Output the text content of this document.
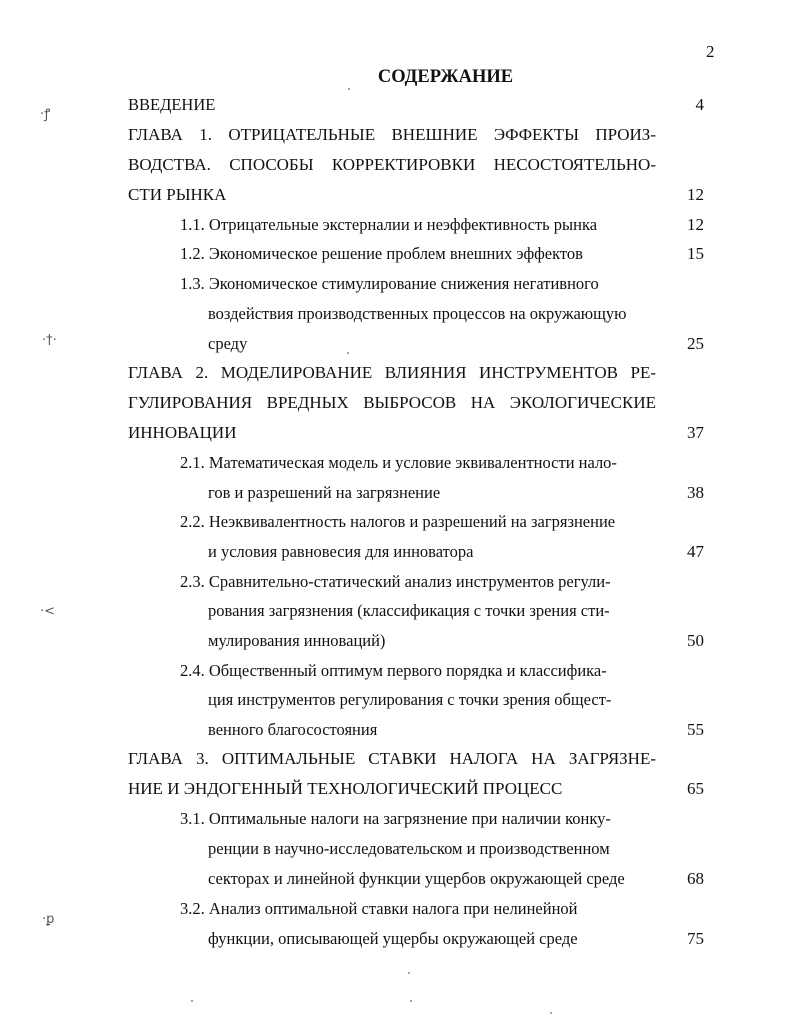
2
СОДЕРЖАНИЕ
·ꝭ
·†·
·<
·ꝑ
ВВЕДЕНИЕ	4
ГЛАВА 1. ОТРИЦАТЕЛЬНЫЕ ВНЕШНИЕ ЭФФЕКТЫ ПРОИЗ-
ВОДСТВА. СПОСОБЫ КОРРЕКТИРОВКИ НЕСОСТОЯТЕЛЬНО-
СТИ РЫНКА	12
1.1. Отрицательные экстерналии и неэффективность рынка	12
1.2. Экономическое решение проблем внешних эффектов	15
1.3. Экономическое стимулирование снижения негативного
воздействия производственных процессов на окружающую
среду	25
ГЛАВА 2. МОДЕЛИРОВАНИЕ ВЛИЯНИЯ ИНСТРУМЕНТОВ РЕ-
ГУЛИРОВАНИЯ ВРЕДНЫХ ВЫБРОСОВ НА ЭКОЛОГИЧЕСКИЕ
ИННОВАЦИИ	37
2.1. Математическая модель и условие эквивалентности нало-
гов и разрешений на загрязнение	38
2.2. Неэквивалентность налогов и разрешений на загрязнение
и условия равновесия для инноватора	47
2.3. Сравнительно-статический анализ инструментов регули-
рования загрязнения (классификация с точки зрения сти-
мулирования инноваций)	50
2.4. Общественный оптимум первого порядка и классифика-
ция инструментов регулирования с точки зрения общест-
венного благосостояния	55
ГЛАВА 3. ОПТИМАЛЬНЫЕ СТАВКИ НАЛОГА НА ЗАГРЯЗНЕ-
НИЕ И ЭНДОГЕННЫЙ ТЕХНОЛОГИЧЕСКИЙ ПРОЦЕСС	65
3.1. Оптимальные налоги на загрязнение при наличии конку-
ренции в научно-исследовательском и производственном
секторах и линейной функции ущербов окружающей среде	68
3.2. Анализ оптимальной ставки налога при нелинейной
функции, описывающей ущербы окружающей среде	75
